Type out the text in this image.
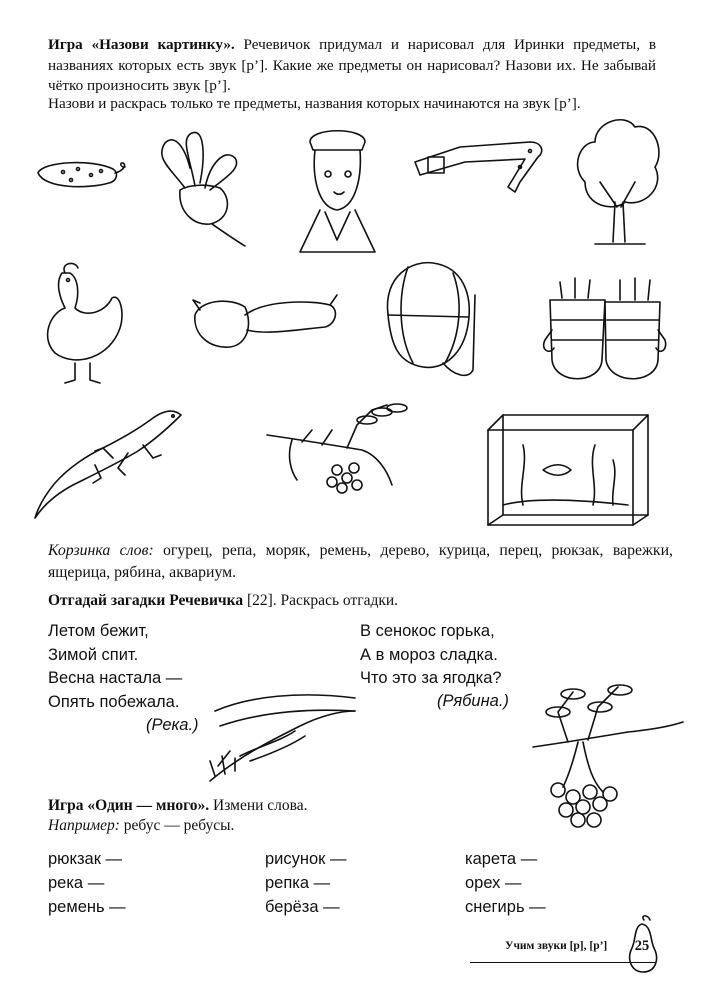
Игра «Назови картинку». Речевичок придумал и нарисовал для Иринки предметы, в названиях которых есть звук [р’]. Какие же предметы он нарисовал? Назови их. Не забывай чётко произносить звук [р’].
Назови и раскрась только те предметы, названия которых начинаются на звук [р’].
Корзинка слов: огурец, репа, моряк, ремень, дерево, курица, перец, рюкзак, варежки, ящерица, рябина, аквариум.
Отгадай загадки Речевичка [22]. Раскрась отгадки.
Летом бежит,
Зимой спит.
Весна настала —
Опять побежала.
(Река.)
В сенокос горька,
А в мороз сладка.
Что это за ягодка?
(Рябина.)
Игра «Один — много». Измени слова.
Например: ребус — ребусы.
рюкзак —
река —
ремень —
рисунок —
репка —
берёза —
карета —
орех —
снегирь —
Учим звуки [р], [р’]	25
